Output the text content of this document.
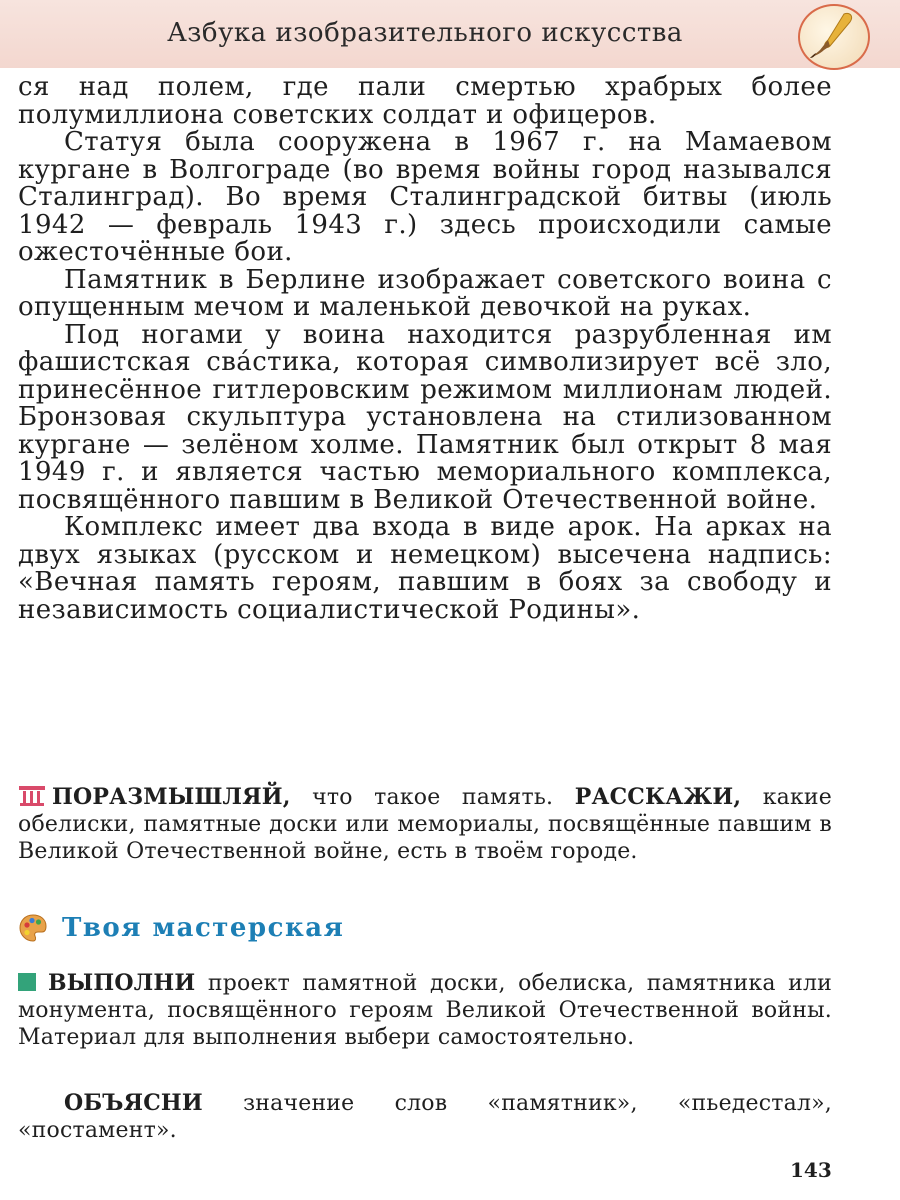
Азбука изобразительного искусства

ся над полем, где пали смертью храбрых более полумиллиона советских солдат и офицеров.

Статуя была сооружена в 1967 г. на Мамаевом кургане в Волгограде (во время войны город назывался Сталинград). Во время Сталинградской битвы (июль 1942 — февраль 1943 г.) здесь происходили самые ожесточённые бои.

Памятник в Берлине изображает советского воина с опущенным мечом и маленькой девочкой на руках.

Под ногами у воина находится разрубленная им фашистская сва́стика, которая символизирует всё зло, принесённое гитлеровским режимом миллионам людей. Бронзовая скульптура установлена на стилизованном кургане — зелёном холме. Памятник был открыт 8 мая 1949 г. и является частью мемориального комплекса, посвящённого павшим в Великой Отечественной войне.

Комплекс имеет два входа в виде арок. На арках на двух языках (русском и немецком) высечена надпись: «Вечная память героям, павшим в боях за свободу и независимость социалистической Родины».

ПОРАЗМЫШЛЯЙ, что такое память. РАССКАЖИ, какие обелиски, памятные доски или мемориалы, посвящённые павшим в Великой Отечественной войне, есть в твоём городе.
Твоя мастерская
ВЫПОЛНИ проект памятной доски, обелиска, памятника или монумента, посвящённого героям Великой Отечественной войны. Материал для выполнения выбери самостоятельно.
ОБЪЯСНИ значение слов «памятник», «пьедестал», «постамент».
143
